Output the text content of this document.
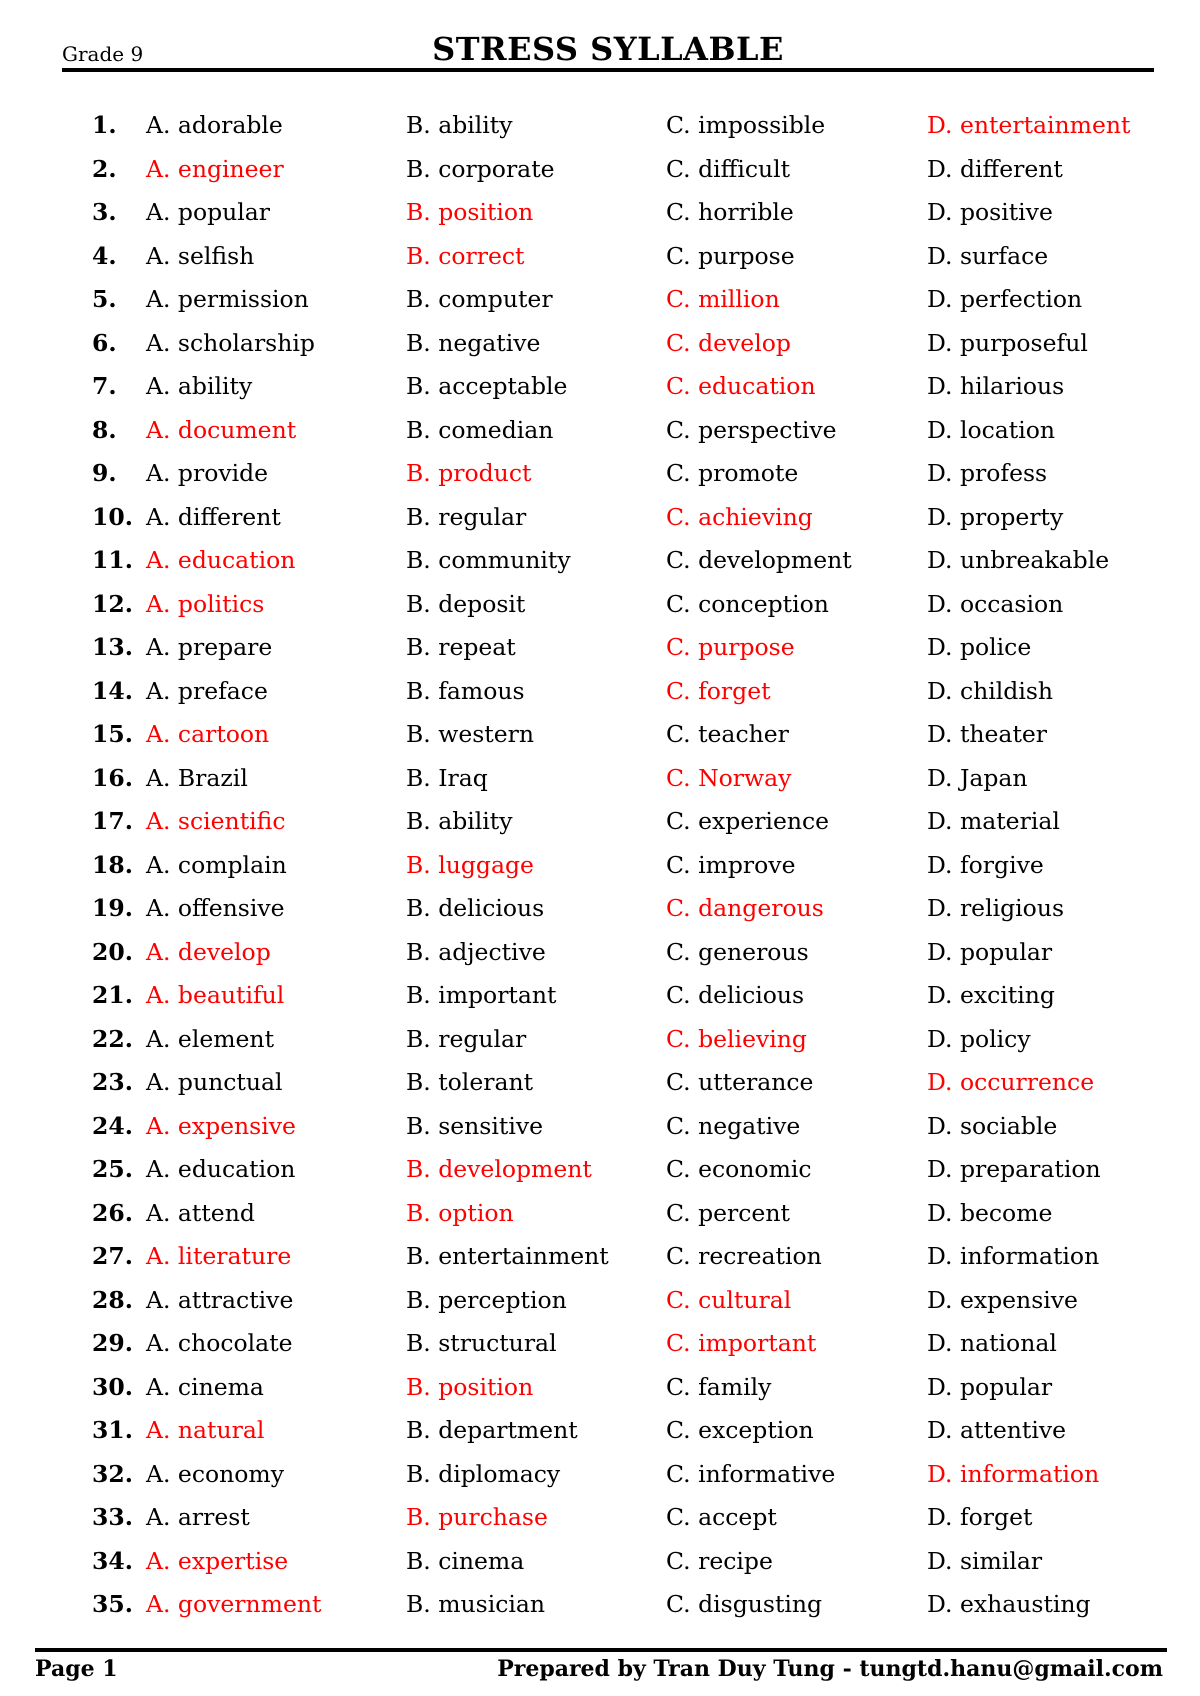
Grade 9	STRESS SYLLABLE
1. A. adorable	B. ability	C. impossible	D. entertainment
2. A. engineer	B. corporate	C. difficult	D. different
3. A. popular	B. position	C. horrible	D. positive
4. A. selfish	B. correct	C. purpose	D. surface
5. A. permission	B. computer	C. million	D. perfection
6. A. scholarship	B. negative	C. develop	D. purposeful
7. A. ability	B. acceptable	C. education	D. hilarious
8. A. document	B. comedian	C. perspective	D. location
9. A. provide	B. product	C. promote	D. profess
10. A. different	B. regular	C. achieving	D. property
11. A. education	B. community	C. development	D. unbreakable
12. A. politics	B. deposit	C. conception	D. occasion
13. A. prepare	B. repeat	C. purpose	D. police
14. A. preface	B. famous	C. forget	D. childish
15. A. cartoon	B. western	C. teacher	D. theater
16. A. Brazil	B. Iraq	C. Norway	D. Japan
17. A. scientific	B. ability	C. experience	D. material
18. A. complain	B. luggage	C. improve	D. forgive
19. A. offensive	B. delicious	C. dangerous	D. religious
20. A. develop	B. adjective	C. generous	D. popular
21. A. beautiful	B. important	C. delicious	D. exciting
22. A. element	B. regular	C. believing	D. policy
23. A. punctual	B. tolerant	C. utterance	D. occurrence
24. A. expensive	B. sensitive	C. negative	D. sociable
25. A. education	B. development	C. economic	D. preparation
26. A. attend	B. option	C. percent	D. become
27. A. literature	B. entertainment C. recreation	D. information
28. A. attractive	B. perception	C. cultural	D. expensive
29. A. chocolate	B. structural	C. important	D. national
30. A. cinema	B. position	C. family	D. popular
31. A. natural	B. department	C. exception	D. attentive
32. A. economy	B. diplomacy	C. informative	D. information
33. A. arrest	B. purchase	C. accept	D. forget
34. A. expertise	B. cinema	C. recipe	D. similar
35. A. government	B. musician	C. disgusting	D. exhausting
Page 1	Prepared by Tran Duy Tung - tungtd.hanu@gmail.com
